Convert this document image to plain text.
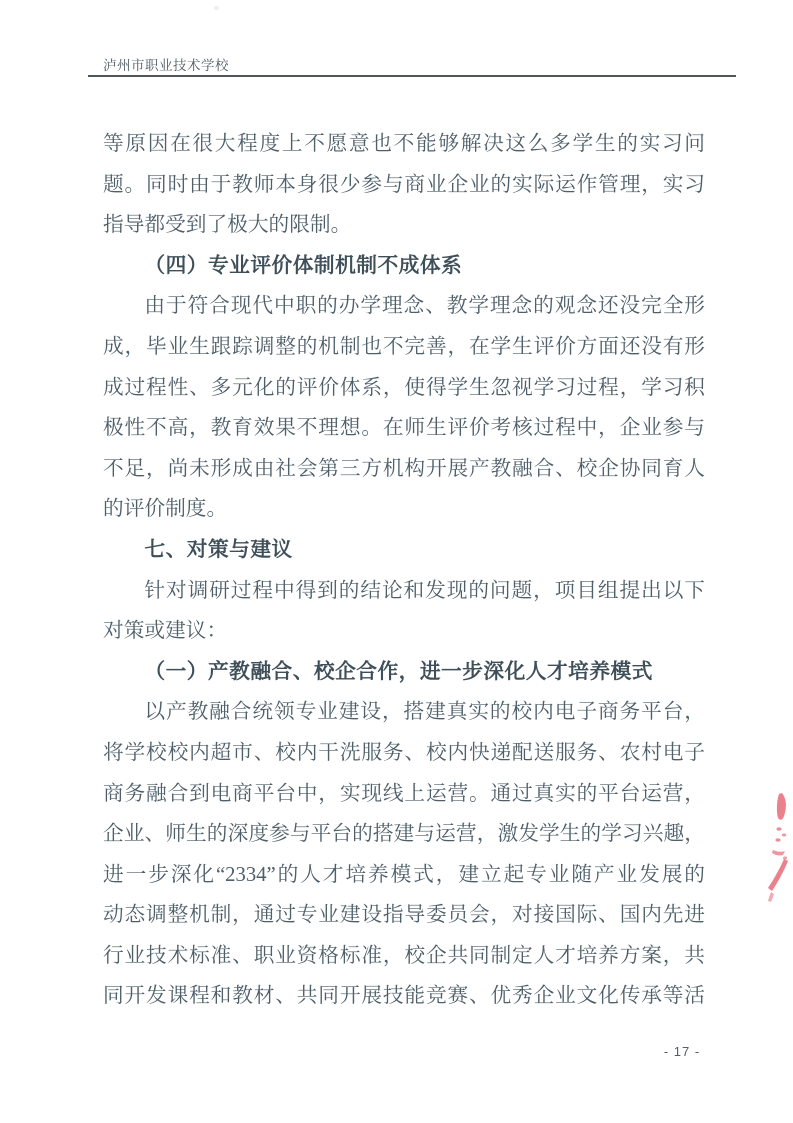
泸州市职业技术学校
等原因在很大程度上不愿意也不能够解决这么多学生的实习问
题。同时由于教师本身很少参与商业企业的实际运作管理，实习
指导都受到了极大的限制。
（四）专业评价体制机制不成体系
由于符合现代中职的办学理念、教学理念的观念还没完全形
成，毕业生跟踪调整的机制也不完善，在学生评价方面还没有形
成过程性、多元化的评价体系，使得学生忽视学习过程，学习积
极性不高，教育效果不理想。在师生评价考核过程中，企业参与
不足，尚未形成由社会第三方机构开展产教融合、校企协同育人
的评价制度。
七、对策与建议
针对调研过程中得到的结论和发现的问题，项目组提出以下
对策或建议：
（一）产教融合、校企合作，进一步深化人才培养模式
以产教融合统领专业建设，搭建真实的校内电子商务平台，
将学校校内超市、校内干洗服务、校内快递配送服务、农村电子
商务融合到电商平台中，实现线上运营。通过真实的平台运营，
企业、师生的深度参与平台的搭建与运营，激发学生的学习兴趣，
进一步深化“2334”的人才培养模式，建立起专业随产业发展的
动态调整机制，通过专业建设指导委员会，对接国际、国内先进
行业技术标准、职业资格标准，校企共同制定人才培养方案，共
同开发课程和教材、共同开展技能竞赛、优秀企业文化传承等活
- 17 -
